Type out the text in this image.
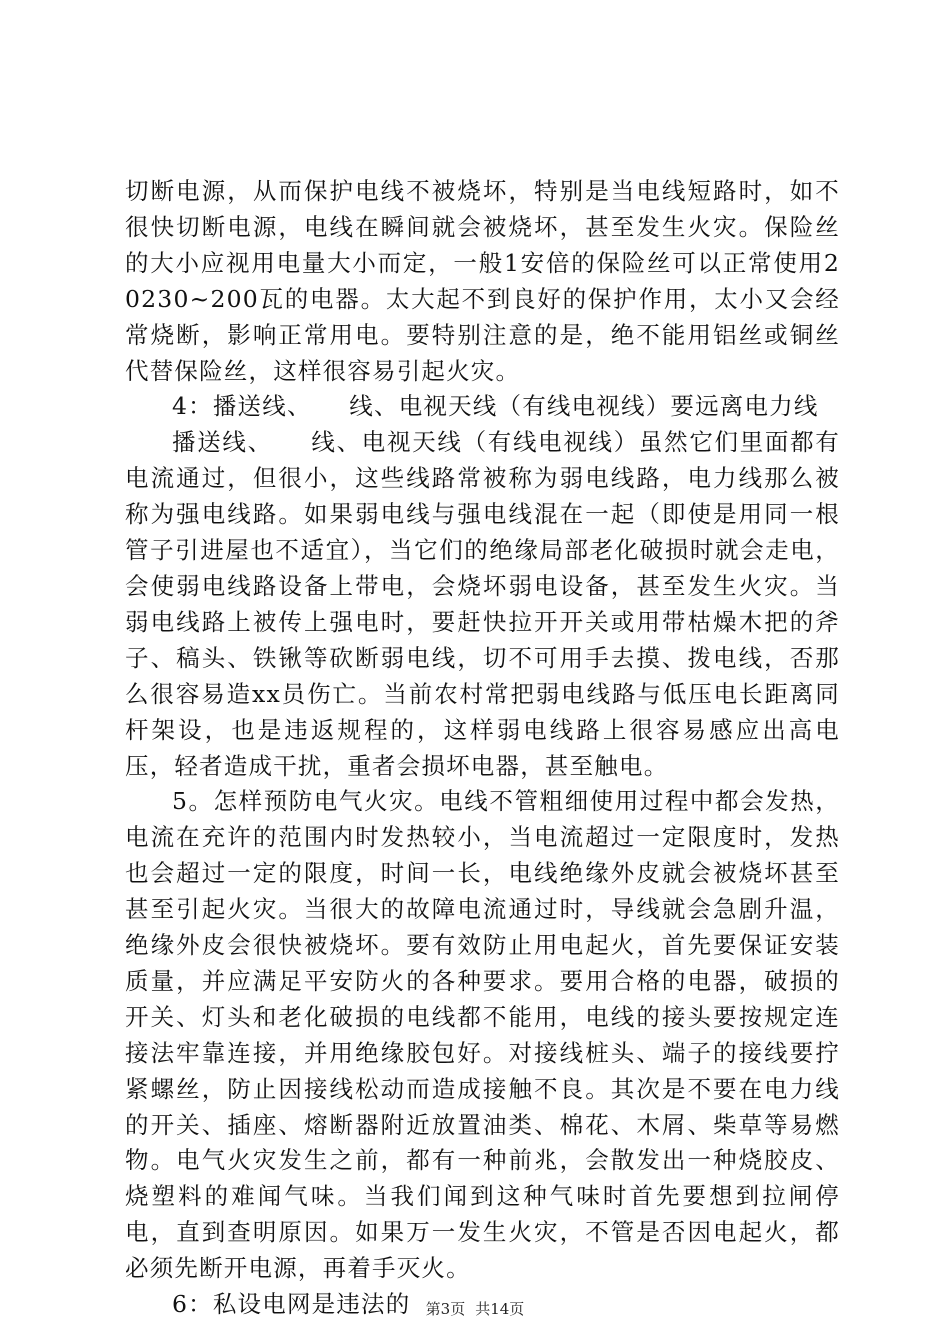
切断电源，从而保护电线不被烧坏，特别是当电线短路时，如不很快切断电源，电线在瞬间就会被烧坏，甚至发生火灾。保险丝的大小应视用电量大小而定，一般1安倍的保险丝可以正常使用20230~200瓦的电器。太大起不到良好的保护作用，太小又会经常烧断，影响正常用电。要特别注意的是，绝不能用铝丝或铜丝代替保险丝，这样很容易引起火灾。

4：播送线、　　线、电视天线（有线电视线）要远离电力线

播送线、　　线、电视天线（有线电视线）虽然它们里面都有电流通过，但很小，这些线路常被称为弱电线路，电力线那么被称为强电线路。如果弱电线与强电线混在一起（即使是用同一根管子引进屋也不适宜），当它们的绝缘局部老化破损时就会走电，会使弱电线路设备上带电，会烧坏弱电设备，甚至发生火灾。当弱电线路上被传上强电时，要赶快拉开开关或用带枯燥木把的斧子、稿头、铁锹等砍断弱电线，切不可用手去摸、拨电线，否那么很容易造xx员伤亡。当前农村常把弱电线路与低压电长距离同杆架设，也是违返规程的，这样弱电线路上很容易感应出高电压，轻者造成干扰，重者会损坏电器，甚至触电。

5。怎样预防电气火灾。电线不管粗细使用过程中都会发热，电流在充许的范围内时发热较小，当电流超过一定限度时，发热也会超过一定的限度，时间一长，电线绝缘外皮就会被烧坏甚至甚至引起火灾。当很大的故障电流通过时，导线就会急剧升温，绝缘外皮会很快被烧坏。要有效防止用电起火，首先要保证安装质量，并应满足平安防火的各种要求。要用合格的电器，破损的开关、灯头和老化破损的电线都不能用，电线的接头要按规定连接法牢靠连接，并用绝缘胶包好。对接线桩头、端子的接线要拧紧螺丝，防止因接线松动而造成接触不良。其次是不要在电力线的开关、插座、熔断器附近放置油类、棉花、木屑、柴草等易燃物。电气火灾发生之前，都有一种前兆，会散发出一种烧胶皮、烧塑料的难闻气味。当我们闻到这种气味时首先要想到拉闸停电，直到查明原因。如果万一发生火灾，不管是否因电起火，都必须先断开电源，再着手灭火。

6：私设电网是违法的	第3页 共14页
